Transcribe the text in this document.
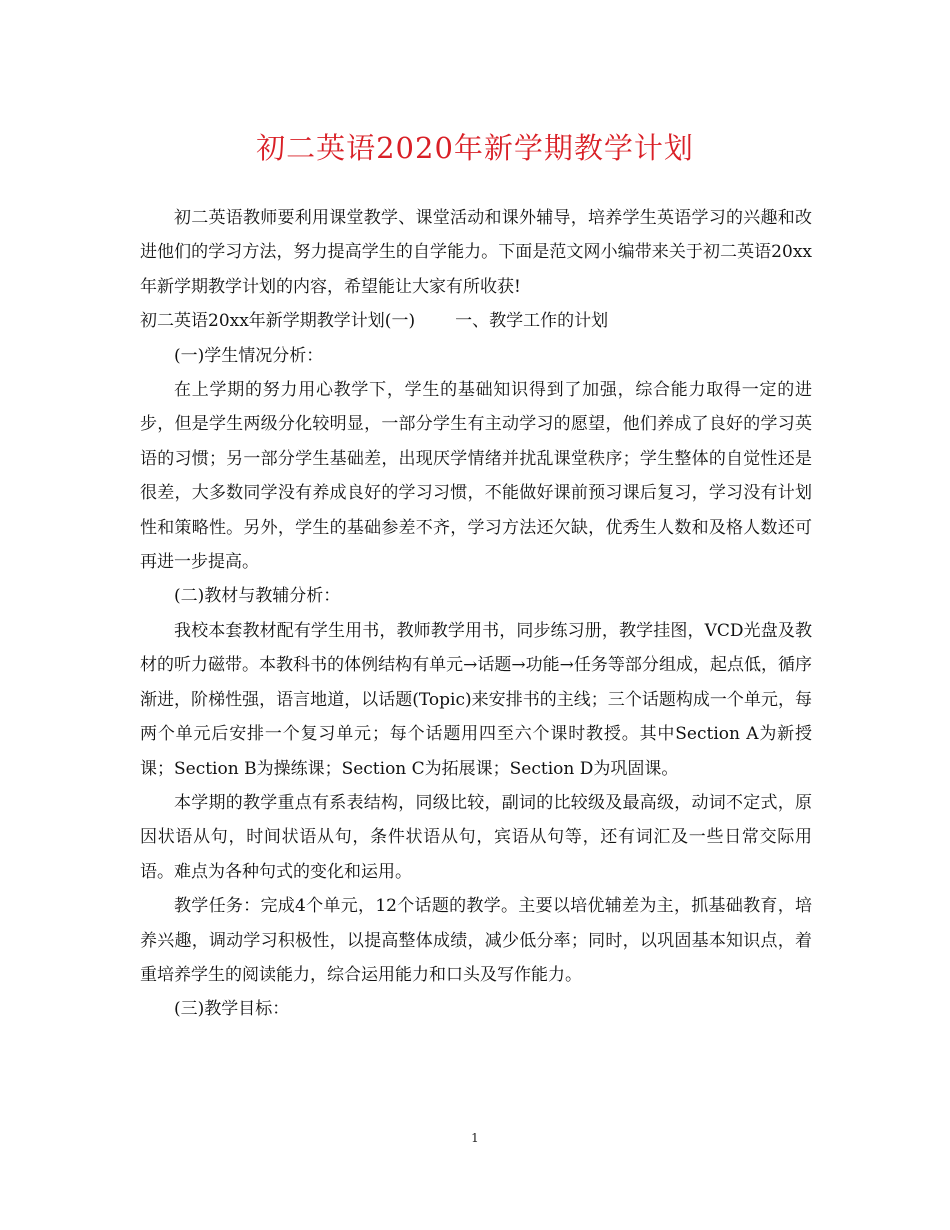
初二英语2020年新学期教学计划

初二英语教师要利用课堂教学、课堂活动和课外辅导，培养学生英语学习的兴趣和改进他们的学习方法，努力提高学生的自学能力。下面是范文网小编带来关于初二英语20xx年新学期教学计划的内容，希望能让大家有所收获!

初二英语20xx年新学期教学计划(一) 一、教学工作的计划

(一)学生情况分析：

在上学期的努力用心教学下，学生的基础知识得到了加强，综合能力取得一定的进步，但是学生两级分化较明显，一部分学生有主动学习的愿望，他们养成了良好的学习英语的习惯；另一部分学生基础差，出现厌学情绪并扰乱课堂秩序；学生整体的自觉性还是很差，大多数同学没有养成良好的学习习惯，不能做好课前预习课后复习，学习没有计划性和策略性。另外，学生的基础参差不齐，学习方法还欠缺，优秀生人数和及格人数还可再进一步提高。

(二)教材与教辅分析：

我校本套教材配有学生用书，教师教学用书，同步练习册，教学挂图，VCD光盘及教材的听力磁带。本教科书的体例结构有单元→话题→功能→任务等部分组成，起点低，循序渐进，阶梯性强，语言地道，以话题(Topic)来安排书的主线；三个话题构成一个单元，每两个单元后安排一个复习单元；每个话题用四至六个课时教授。其中Section A为新授课；Section B为操练课；Section C为拓展课；Section D为巩固课。

本学期的教学重点有系表结构，同级比较，副词的比较级及最高级，动词不定式，原因状语从句，时间状语从句，条件状语从句，宾语从句等，还有词汇及一些日常交际用语。难点为各种句式的变化和运用。

教学任务：完成4个单元，12个话题的教学。主要以培优辅差为主，抓基础教育，培养兴趣，调动学习积极性，以提高整体成绩，减少低分率；同时，以巩固基本知识点，着重培养学生的阅读能力，综合运用能力和口头及写作能力。

(三)教学目标：

1
